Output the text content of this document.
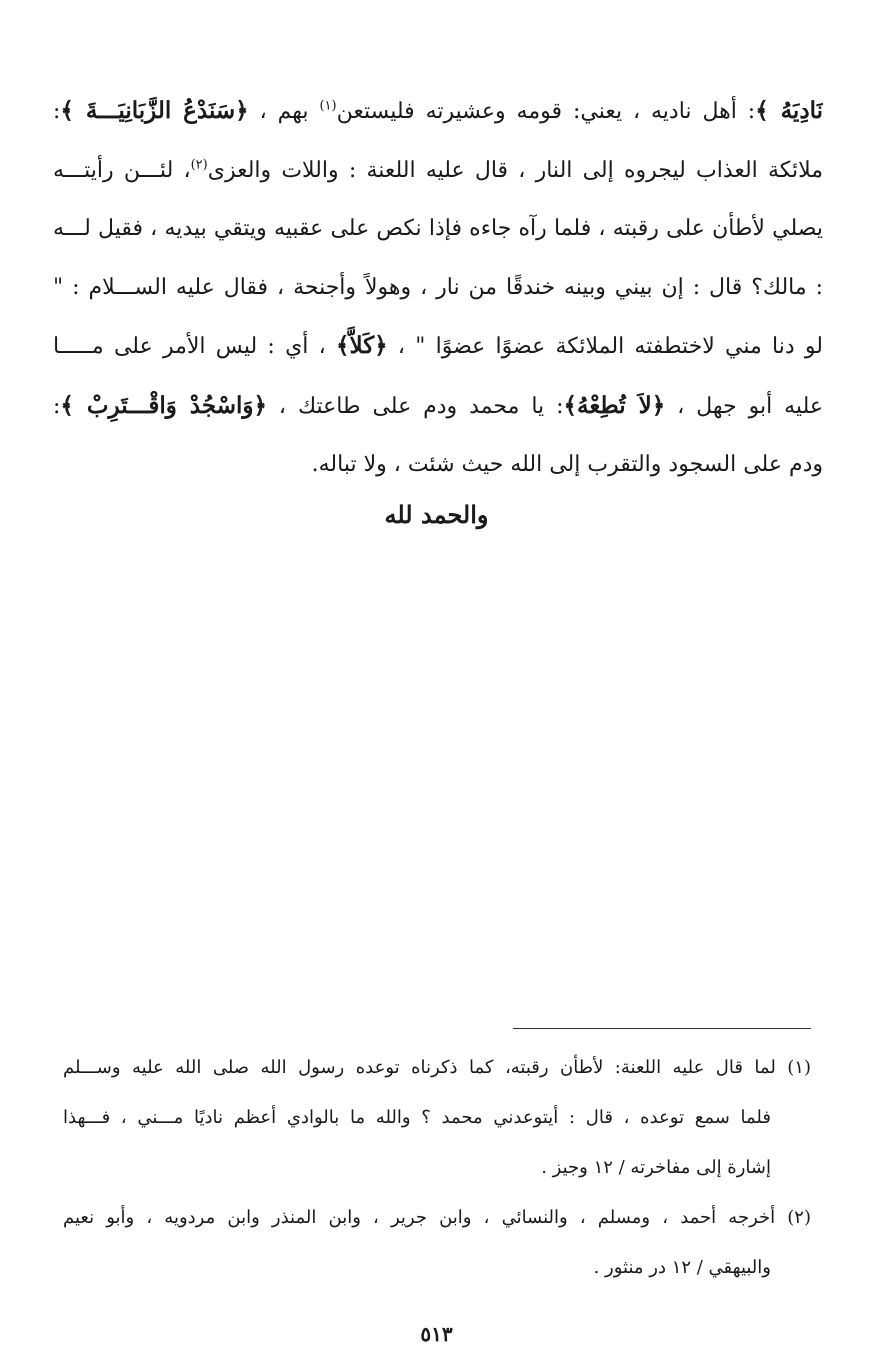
نَادِيَهُ ﴾: أهل ناديه ، يعني: قومه وعشيرته فليستعن$^{(١)}$ بهم ، ﴿سَنَدْعُ الزَّبَانِيَـــةَ ﴾:
ملائكة العذاب ليجروه إلى النار ، قال عليه اللعنة : واللات والعزى$^{(٢)}$، لئـــن رأيتـــه
يصلي لأطأن على رقبته ، فلما رآه جاءه فإذا نكص على عقبيه ويتقي بيديه ، فقيل لـــه
: مالك؟ قال : إن بيني وبينه خندقًا من نار ، وهولاً وأجنحة ، فقال عليه الســـلام : "
لو دنا مني لاختطفته الملائكة عضوًا عضوًا " ، ﴿كَلاَّ﴾ ، أي : ليس الأمر على مـــــا
عليه أبو جهل ، ﴿لاَ تُطِعْهُ﴾: يا محمد ودم على طاعتك ، ﴿وَاسْجُدْ وَاقْـــتَرِبْ ﴾:
ودم على السجود والتقرب إلى الله حيث شئت ، ولا تباله.
والحمد لله
(١) لما قال عليه اللعنة: لأطأن رقبته، كما ذكرناه توعده رسول الله صلى الله عليه وســـلم
فلما سمع توعده ، قال : أيتوعدني محمد ؟ والله ما بالوادي أعظم ناديًا مـــني ، فـــهذا
إشارة إلى مفاخرته / ١٢ وجيز .
(٢) أخرجه أحمد ، ومسلم ، والنسائي ، وابن جرير ، وابن المنذر وابن مردويه ، وأبو نعيم
والبيهقي / ١٢ در منثور .
٥١٣
